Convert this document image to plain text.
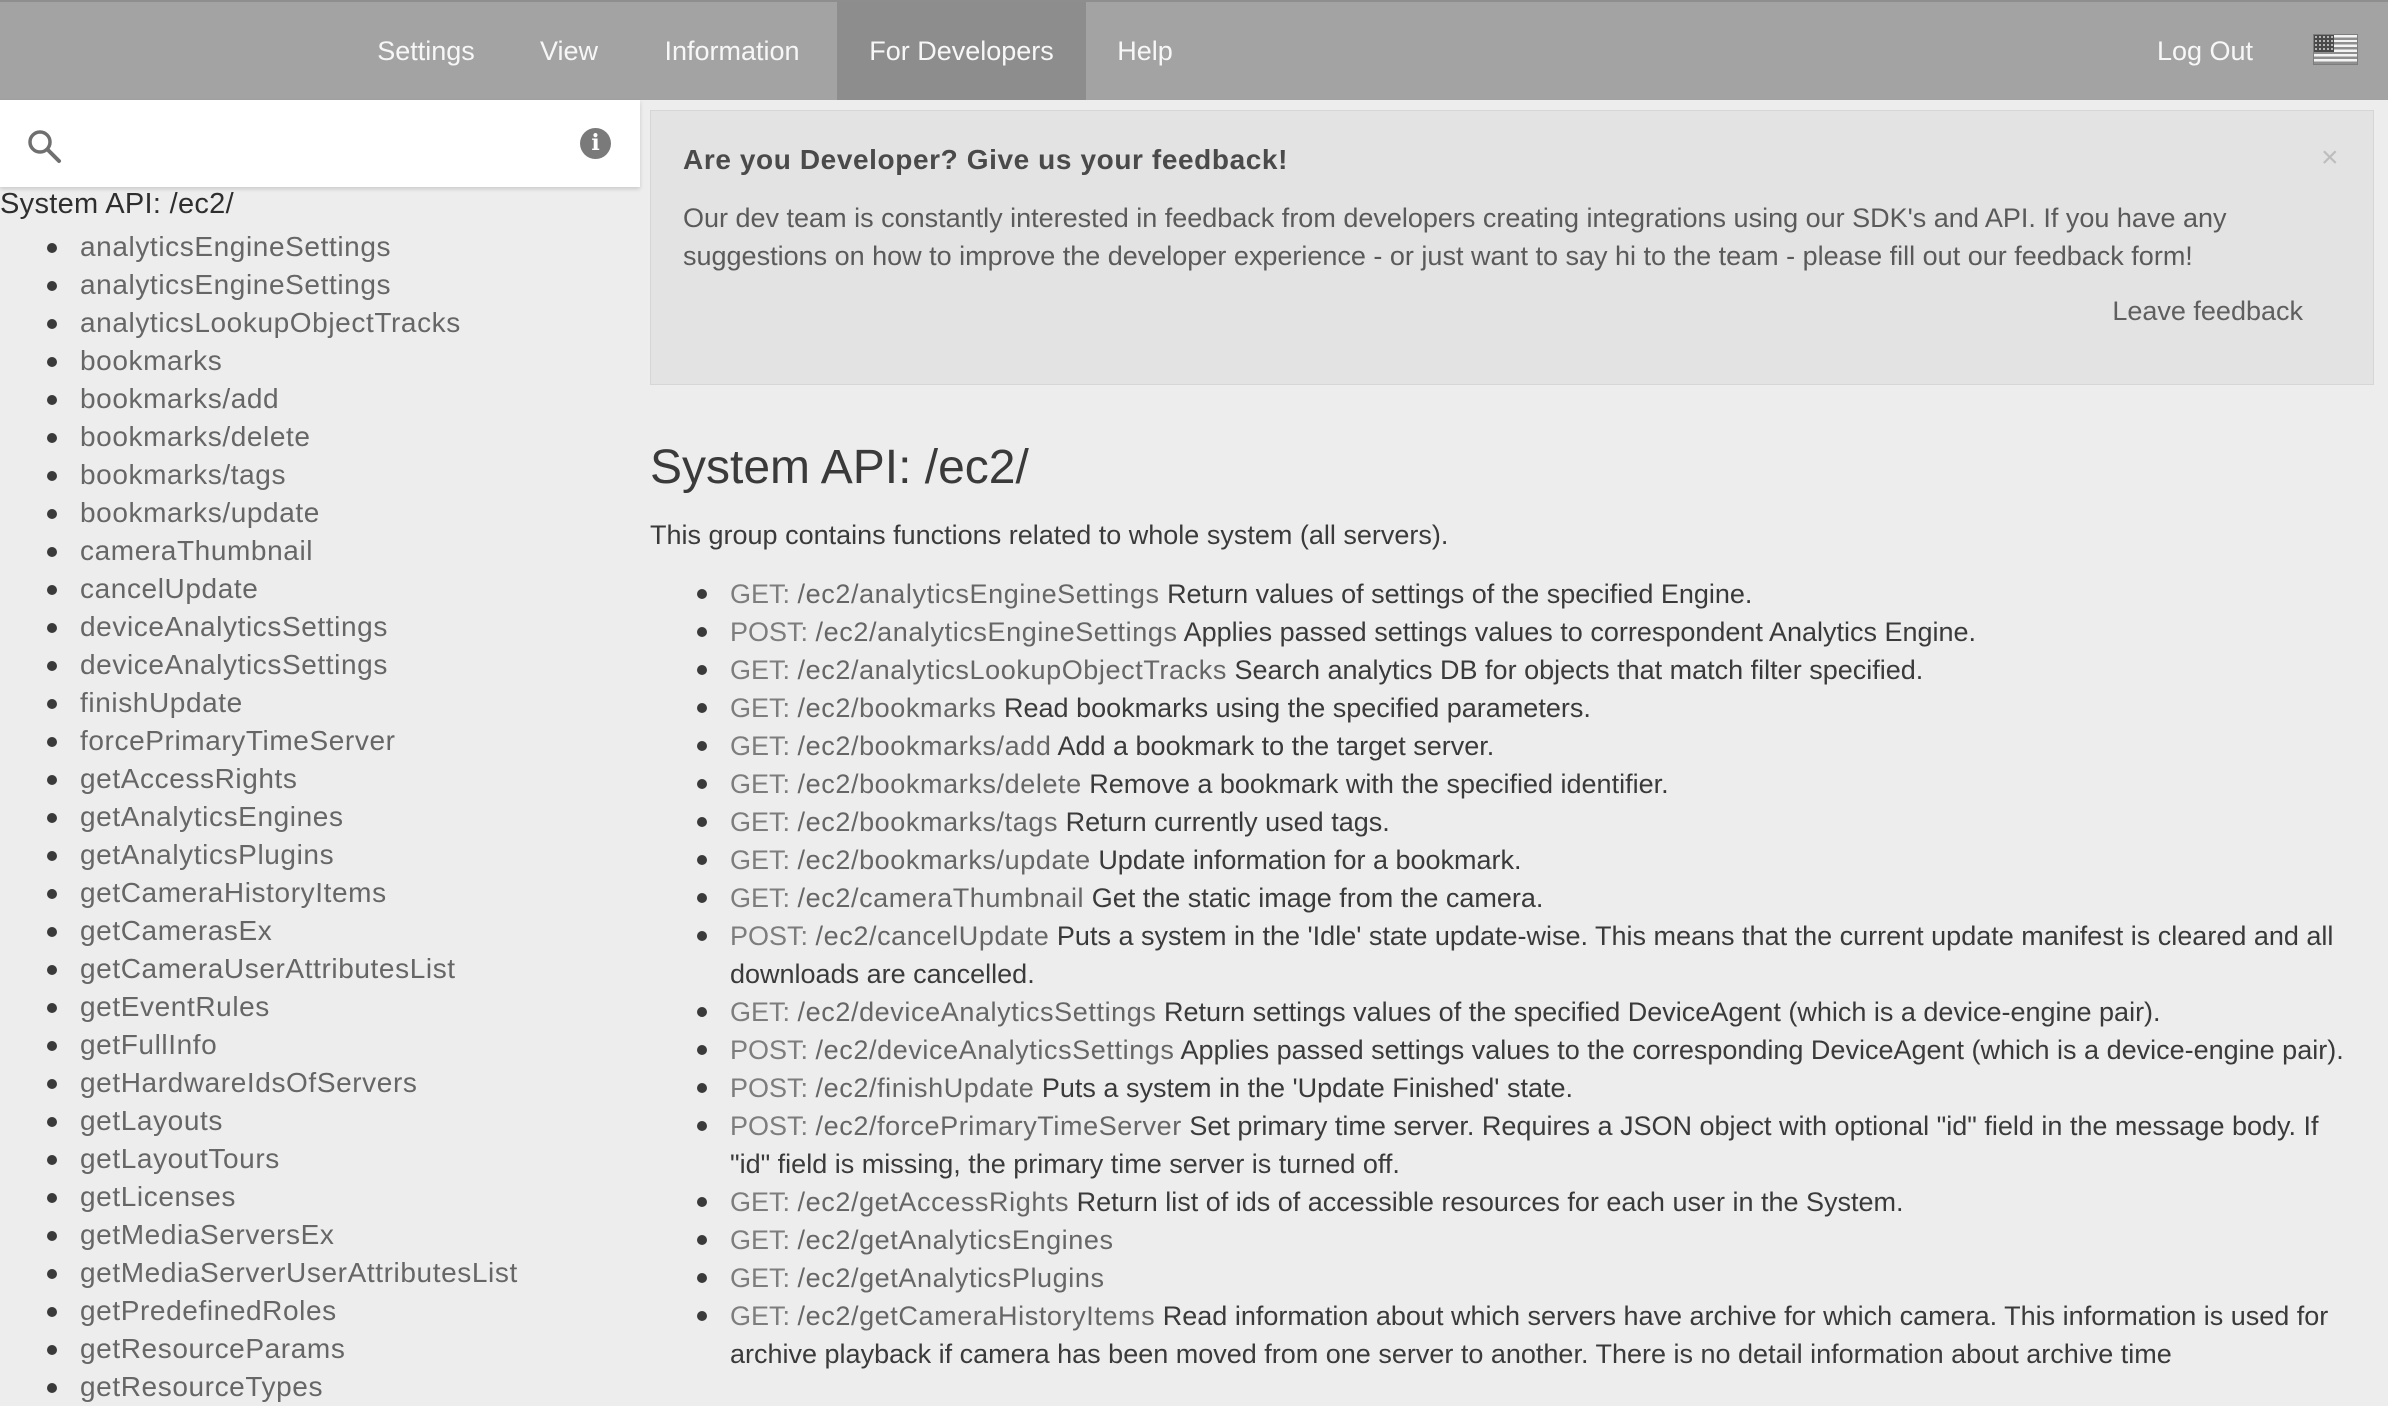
Settings	View	Information	For Developers	Help	Log Out
i
System API: /ec2/
analyticsEngineSettings
analyticsEngineSettings
analyticsLookupObjectTracks
bookmarks
bookmarks/add
bookmarks/delete
bookmarks/tags
bookmarks/update
cameraThumbnail
cancelUpdate
deviceAnalyticsSettings
deviceAnalyticsSettings
finishUpdate
forcePrimaryTimeServer
getAccessRights
getAnalyticsEngines
getAnalyticsPlugins
getCameraHistoryItems
getCamerasEx
getCameraUserAttributesList
getEventRules
getFullInfo
getHardwareIdsOfServers
getLayouts
getLayoutTours
getLicenses
getMediaServersEx
getMediaServerUserAttributesList
getPredefinedRoles
getResourceParams
getResourceTypes
Are you Developer? Give us your feedback!	×
Our dev team is constantly interested in feedback from developers creating integrations using our SDK's and API. If you have any suggestions on how to improve the developer experience - or just want to say hi to the team - please fill out our feedback form!
Leave feedback
System API: /ec2/
This group contains functions related to whole system (all servers).
GET: /ec2/analyticsEngineSettings Return values of settings of the specified Engine.
POST: /ec2/analyticsEngineSettings Applies passed settings values to correspondent Analytics Engine.
GET: /ec2/analyticsLookupObjectTracks Search analytics DB for objects that match filter specified.
GET: /ec2/bookmarks Read bookmarks using the specified parameters.
GET: /ec2/bookmarks/add Add a bookmark to the target server.
GET: /ec2/bookmarks/delete Remove a bookmark with the specified identifier.
GET: /ec2/bookmarks/tags Return currently used tags.
GET: /ec2/bookmarks/update Update information for a bookmark.
GET: /ec2/cameraThumbnail Get the static image from the camera.
POST: /ec2/cancelUpdate Puts a system in the 'Idle' state update-wise. This means that the current update manifest is cleared and all downloads are cancelled.
GET: /ec2/deviceAnalyticsSettings Return settings values of the specified DeviceAgent (which is a device-engine pair).
POST: /ec2/deviceAnalyticsSettings Applies passed settings values to the corresponding DeviceAgent (which is a device-engine pair).
POST: /ec2/finishUpdate Puts a system in the 'Update Finished' state.
POST: /ec2/forcePrimaryTimeServer Set primary time server. Requires a JSON object with optional "id" field in the message body. If "id" field is missing, the primary time server is turned off.
GET: /ec2/getAccessRights Return list of ids of accessible resources for each user in the System.
GET: /ec2/getAnalyticsEngines
GET: /ec2/getAnalyticsPlugins
GET: /ec2/getCameraHistoryItems Read information about which servers have archive for which camera. This information is used for archive playback if camera has been moved from one server to another. There is no detail information about archive time
